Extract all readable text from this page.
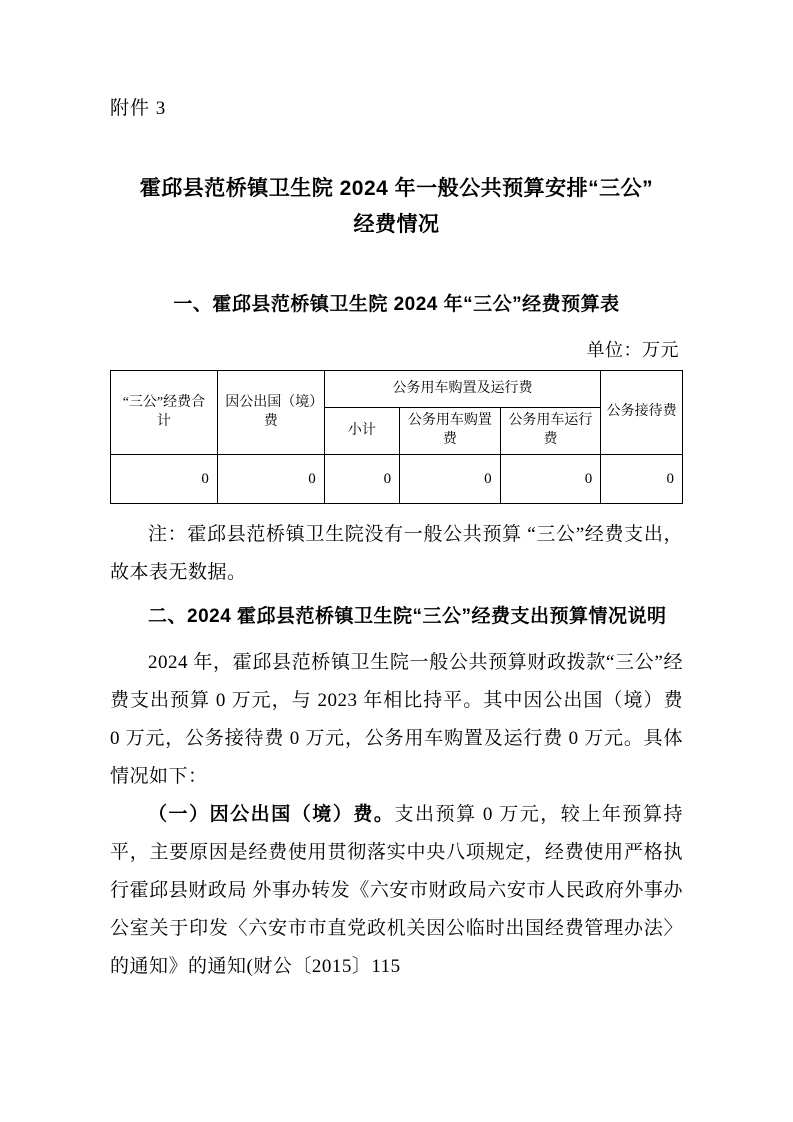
附件 3
霍邱县范桥镇卫生院 2024 年一般公共预算安排“三公”
经费情况
一、霍邱县范桥镇卫生院 2024 年“三公”经费预算表
单位：万元
“三公”经费合计	因公出国（境）费	公务用车购置及运行费			公务接待费
		小计	公务用车购置费	公务用车运行费	
0	0	0	0	0	0

注：霍邱县范桥镇卫生院没有一般公共预算 “三公”经费支出，故本表无数据。

二、2024 霍邱县范桥镇卫生院“三公”经费支出预算情况说明

2024 年，霍邱县范桥镇卫生院一般公共预算财政拨款“三公”经费支出预算 0 万元，与 2023 年相比持平。其中因公出国（境）费 0 万元，公务接待费 0 万元，公务用车购置及运行费 0 万元。具体情况如下：

（一）因公出国（境）费。支出预算 0 万元，较上年预算持平，主要原因是经费使用贯彻落实中央八项规定，经费使用严格执行霍邱县财政局 外事办转发《六安市财政局六安市人民政府外事办公室关于印发〈六安市市直党政机关因公临时出国经费管理办法〉的通知》的通知(财公〔2015〕115
